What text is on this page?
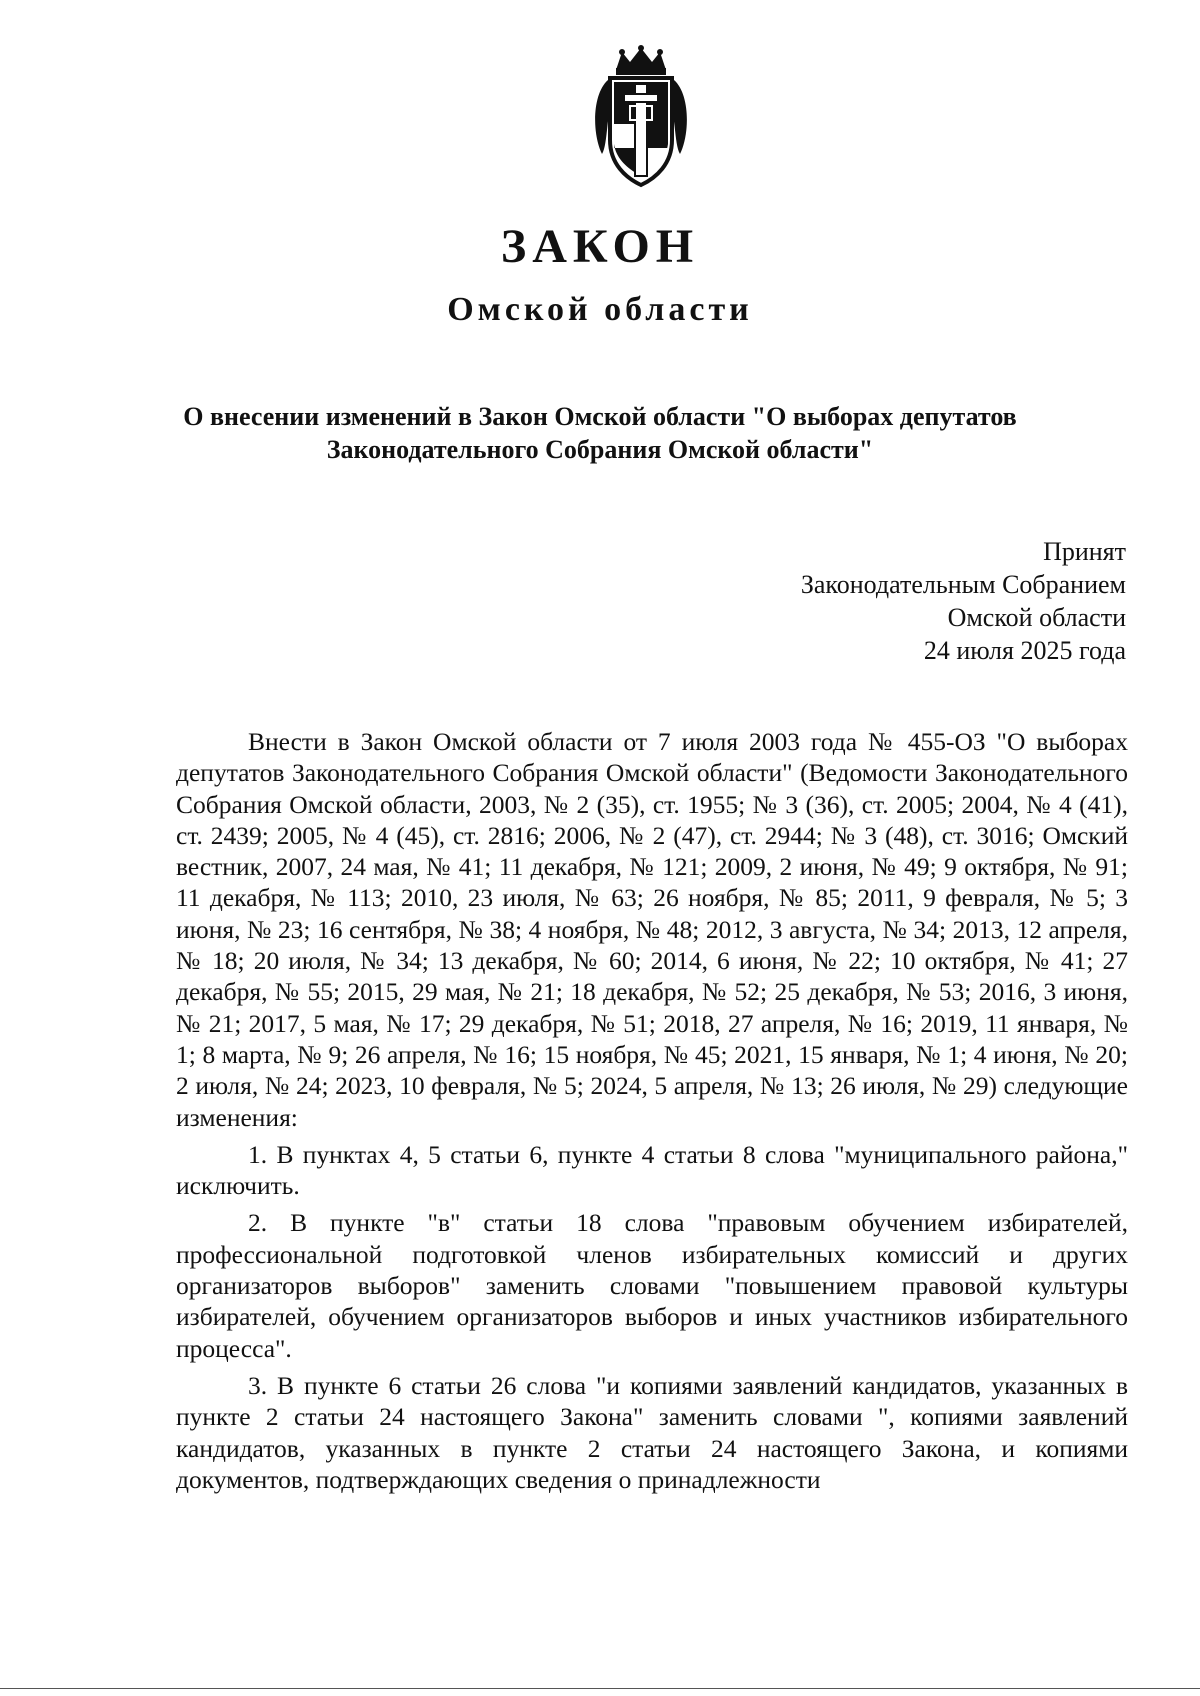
ЗАКОН
Омской области
О внесении изменений в Закон Омской области "О выборах депутатов Законодательного Собрания Омской области"
Принят
Законодательным Собранием
Омской области
24 июля 2025 года

Внести в Закон Омской области от 7 июля 2003 года № 455-ОЗ "О выборах депутатов Законодательного Собрания Омской области" (Ведомости Законодательного Собрания Омской области, 2003, № 2 (35), ст. 1955; № 3 (36), ст. 2005; 2004, № 4 (41), ст. 2439; 2005, № 4 (45), ст. 2816; 2006, № 2 (47), ст. 2944; № 3 (48), ст. 3016; Омский вестник, 2007, 24 мая, № 41; 11 декабря, № 121; 2009, 2 июня, № 49; 9 октября, № 91; 11 декабря, № 113; 2010, 23 июля, № 63; 26 ноября, № 85; 2011, 9 февраля, № 5; 3 июня, № 23; 16 сентября, № 38; 4 ноября, № 48; 2012, 3 августа, № 34; 2013, 12 апреля, № 18; 20 июля, № 34; 13 декабря, № 60; 2014, 6 июня, № 22; 10 октября, № 41; 27 декабря, № 55; 2015, 29 мая, № 21; 18 декабря, № 52; 25 декабря, № 53; 2016, 3 июня, № 21; 2017, 5 мая, № 17; 29 декабря, № 51; 2018, 27 апреля, № 16; 2019, 11 января, № 1; 8 марта, № 9; 26 апреля, № 16; 15 ноября, № 45; 2021, 15 января, № 1; 4 июня, № 20; 2 июля, № 24; 2023, 10 февраля, № 5; 2024, 5 апреля, № 13; 26 июля, № 29) следующие изменения:

1. В пунктах 4, 5 статьи 6, пункте 4 статьи 8 слова "муниципального района," исключить.

2. В пункте "в" статьи 18 слова "правовым обучением избирателей, профессиональной подготовкой членов избирательных комиссий и других организаторов выборов" заменить словами "повышением правовой культуры избирателей, обучением организаторов выборов и иных участников избирательного процесса".

3. В пункте 6 статьи 26 слова "и копиями заявлений кандидатов, указанных в пункте 2 статьи 24 настоящего Закона" заменить словами ", копиями заявлений кандидатов, указанных в пункте 2 статьи 24 настоящего Закона, и копиями документов, подтверждающих сведения о принадлежности
